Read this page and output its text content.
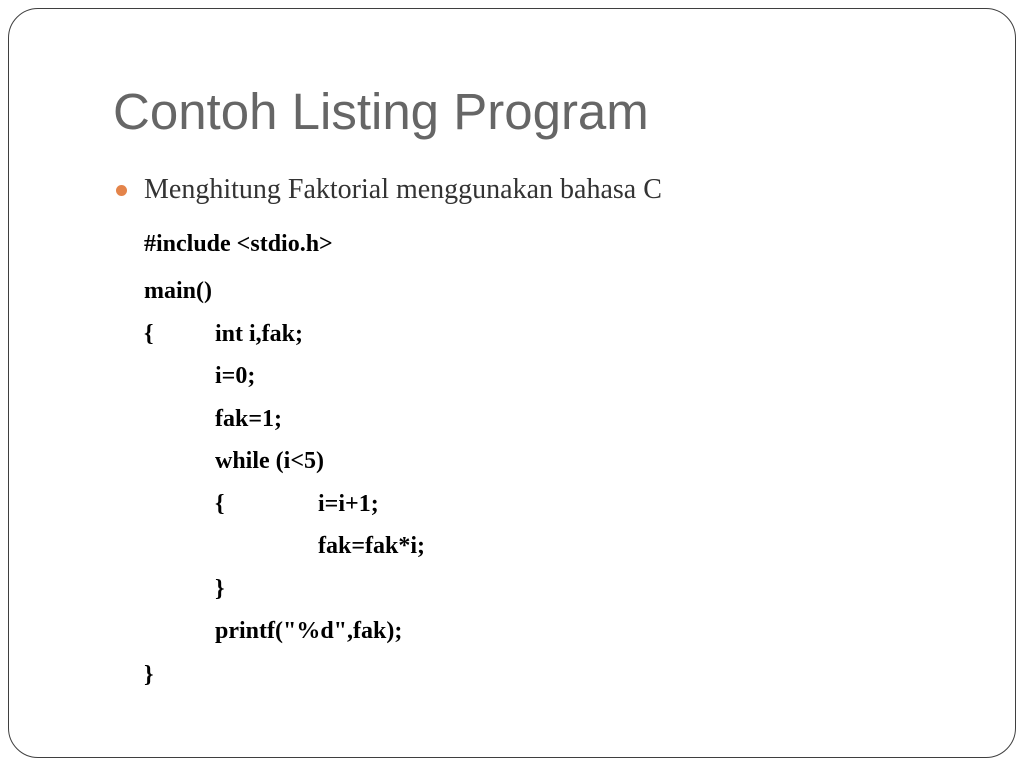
Contoh Listing Program
Menghitung Faktorial menggunakan bahasa C
#include <stdio.h>
main()
{	int i,fak;
i=0;
fak=1;
while (i<5)
{	i=i+1;
fak=fak*i;
}
printf("%d",fak);
}
